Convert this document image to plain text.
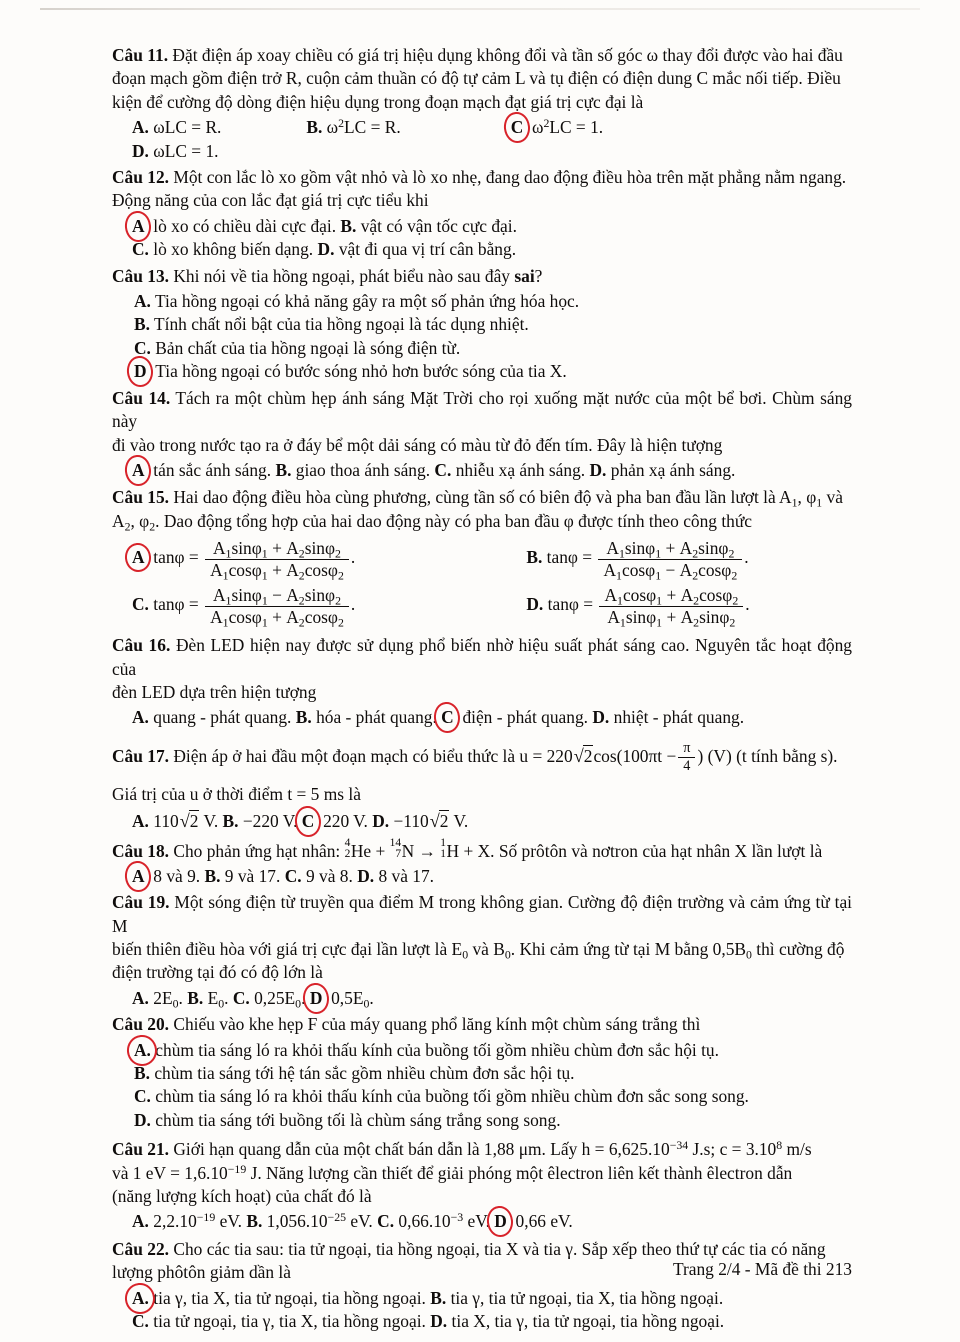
Câu 11. Đặt điện áp xoay chiều có giá trị hiệu dụng không đổi và tần số góc ω thay đổi được vào hai đầu
đoạn mạch gồm điện trở R, cuộn cảm thuần có độ tự cảm L và tụ điện có điện dung C mắc nối tiếp. Điều
kiện để cường độ dòng điện hiệu dụng trong đoạn mạch đạt giá trị cực đại là
A. ωLC = R.	B. $\omega^2LC = R$.	C  $\omega^2LC = 1$. D. ωLC = 1.
Câu 12. Một con lắc lò xo gồm vật nhỏ và lò xo nhẹ, đang dao động điều hòa trên mặt phẳng nằm ngang.
Động năng của con lắc đạt giá trị cực tiểu khi
A  lò xo có chiều dài cực đại. B. vật có vận tốc cực đại.
C. lò xo không biến dạng. D. vật đi qua vị trí cân bằng.
Câu 13. Khi nói về tia hồng ngoại, phát biểu nào sau đây sai?
A. Tia hồng ngoại có khả năng gây ra một số phản ứng hóa học.
B. Tính chất nổi bật của tia hồng ngoại là tác dụng nhiệt.
C. Bản chất của tia hồng ngoại là sóng điện từ.
D  Tia hồng ngoại có bước sóng nhỏ hơn bước sóng của tia X.
Câu 14. Tách ra một chùm hẹp ánh sáng Mặt Trời cho rọi xuống mặt nước của một bể bơi. Chùm sáng này
đi vào trong nước tạo ra ở đáy bể một dải sáng có màu từ đỏ đến tím. Đây là hiện tượng
A  tán sắc ánh sáng. B. giao thoa ánh sáng. C. nhiễu xạ ánh sáng. D. phản xạ ánh sáng.
Câu 15. Hai dao động điều hòa cùng phương, cùng tần số có biên độ và pha ban đầu lần lượt là $A_1$, $\varphi_1$ và
$A_2$, $\varphi_2$. Dao động tổng hợp của hai dao động này có pha ban đầu φ được tính theo công thức
A  $\tan\varphi = \frac{A_1\sin\varphi_1 + A_2\sin\varphi_2}{A_1\cos\varphi_1 + A_2\cos\varphi_2}$ .	B. $\tan\varphi = \frac{A_1\sin\varphi_1 + A_2\sin\varphi_2}{A_1\cos\varphi_1 - A_2\cos\varphi_2}$ .
C. $\tan\varphi = \frac{A_1\sin\varphi_1 - A_2\sin\varphi_2}{A_1\cos\varphi_1 + A_2\cos\varphi_2}$ .	D. $\tan\varphi = \frac{A_1\cos\varphi_1 + A_2\cos\varphi_2}{A_1\sin\varphi_1 + A_2\sin\varphi_2}$ .
Câu 16. Đèn LED hiện nay được sử dụng phổ biến nhờ hiệu suất phát sáng cao. Nguyên tắc hoạt động của
đèn LED dựa trên hiện tượng
A. quang - phát quang. B. hóa - phát quang. C  điện - phát quang. D. nhiệt - phát quang.
Câu 17. Điện áp ở hai đầu một đoạn mạch có biểu thức là $u = 220√2\cos(100\pi t - \frac{\pi}{4}$ ) (V) (t tính bằng s).
Giá trị của u ở thời điểm t = 5 ms là
A. 110√2 V. B. −220 V. C  220 V. D. −110√2 V.
Câu 18. Cho phản ứng hạt nhân: 4
2 He + 14
7 N → 1
1 H + X. Số prôtôn và nơtron của hạt nhân X lần lượt là
A  8 và 9. B. 9 và 17. C. 9 và 8. D. 8 và 17.
Câu 19. Một sóng điện từ truyền qua điểm M trong không gian. Cường độ điện trường và cảm ứng từ tại M
biến thiên điều hòa với giá trị cực đại lần lượt là $E_0$ và $B_0$. Khi cảm ứng từ tại M bằng $0,5B_0$ thì cường độ
điện trường tại đó có độ lớn là
A. $2E_0$. B. $E_0$. C. $0,25E_0$. D  $0,5E_0$.
Câu 20. Chiếu vào khe hẹp F của máy quang phổ lăng kính một chùm sáng trắng thì
A. chùm tia sáng ló ra khỏi thấu kính của buồng tối gồm nhiều chùm đơn sắc hội tụ.
B. chùm tia sáng tới hệ tán sắc gồm nhiều chùm đơn sắc hội tụ.
C. chùm tia sáng ló ra khỏi thấu kính của buồng tối gồm nhiều chùm đơn sắc song song.
D. chùm tia sáng tới buồng tối là chùm sáng trắng song song.
Câu 21. Giới hạn quang dẫn của một chất bán dẫn là 1,88 μm. Lấy $h = 6,625.10^{-34}$ J.s; $c = 3.10^8$ m/s
và 1 eV = $1,6.10^{-19}$ J. Năng lượng cần thiết để giải phóng một êlectron liên kết thành êlectron dẫn
(năng lượng kích hoạt) của chất đó là
A. $2,2.10^{-19}$ eV. B. $1,056.10^{-25}$ eV. C. $0,66.10^{-3}$ eV. D  0,66 eV.
Câu 22. Cho các tia sau: tia tử ngoại, tia hồng ngoại, tia X và tia γ. Sắp xếp theo thứ tự các tia có năng
lượng phôtôn giảm dần là
A. tia γ, tia X, tia tử ngoại, tia hồng ngoại. B. tia γ, tia tử ngoại, tia X, tia hồng ngoại.
C. tia tử ngoại, tia γ, tia X, tia hồng ngoại. D. tia X, tia γ, tia tử ngoại, tia hồng ngoại.
Trang 2/4 - Mã đề thi 213
